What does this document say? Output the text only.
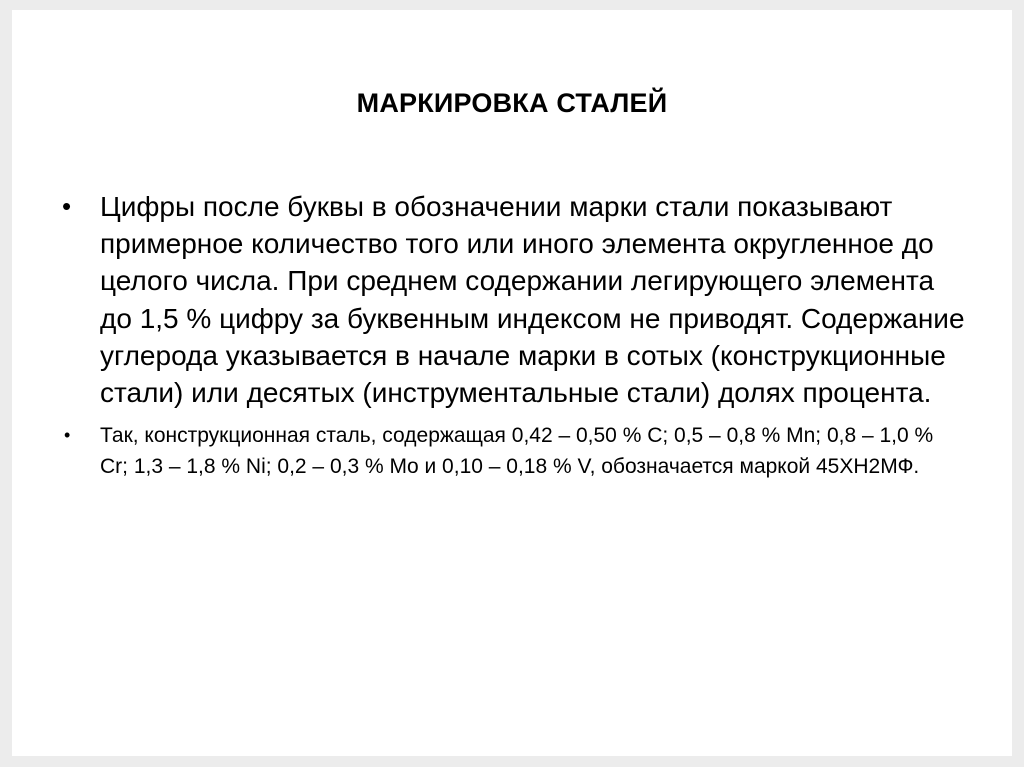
МАРКИРОВКА СТАЛЕЙ
• Цифры после буквы в обозначении марки стали показывают примерное количество того или иного элемента округленное до целого числа. При среднем содержании легирующего элемента до 1,5 % цифру за буквенным индексом не приводят. Содержание углерода указывается в начале марки в сотых (конструкционные стали) или десятых (инструментальные стали) долях процента.
• Так, конструкционная сталь, содержащая 0,42 – 0,50 % С; 0,5 – 0,8 % Mn; 0,8 – 1,0 % Cr; 1,3 – 1,8 % Ni; 0,2 – 0,3 % Mo и 0,10 – 0,18 % V, обозначается маркой 45ХН2МФ.
